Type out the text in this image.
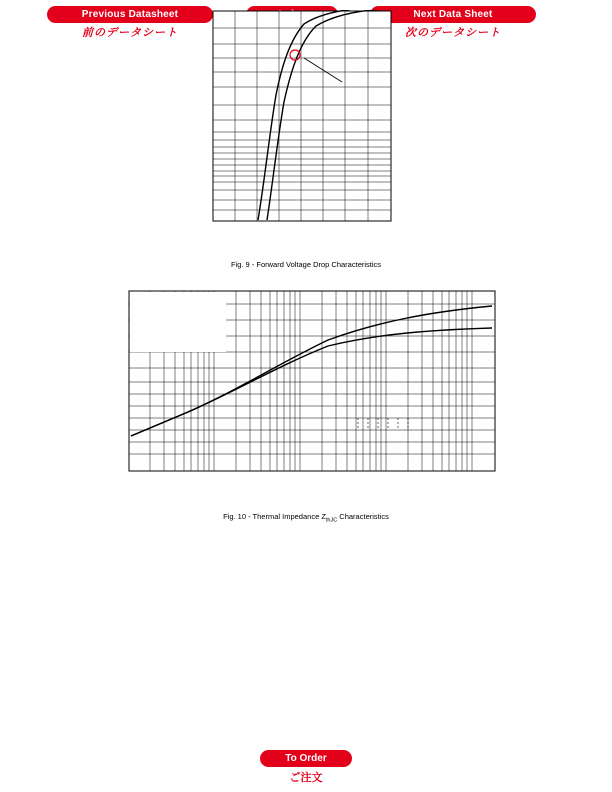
Previous Datasheet
前のデータシート
Next Data Sheet
次のデータシート
Fig. 9 - Forward Voltage Drop Characteristics
Fig. 10 - Thermal Impedance $Z_{thJC}$ Characteristics
To Order
ご注文
